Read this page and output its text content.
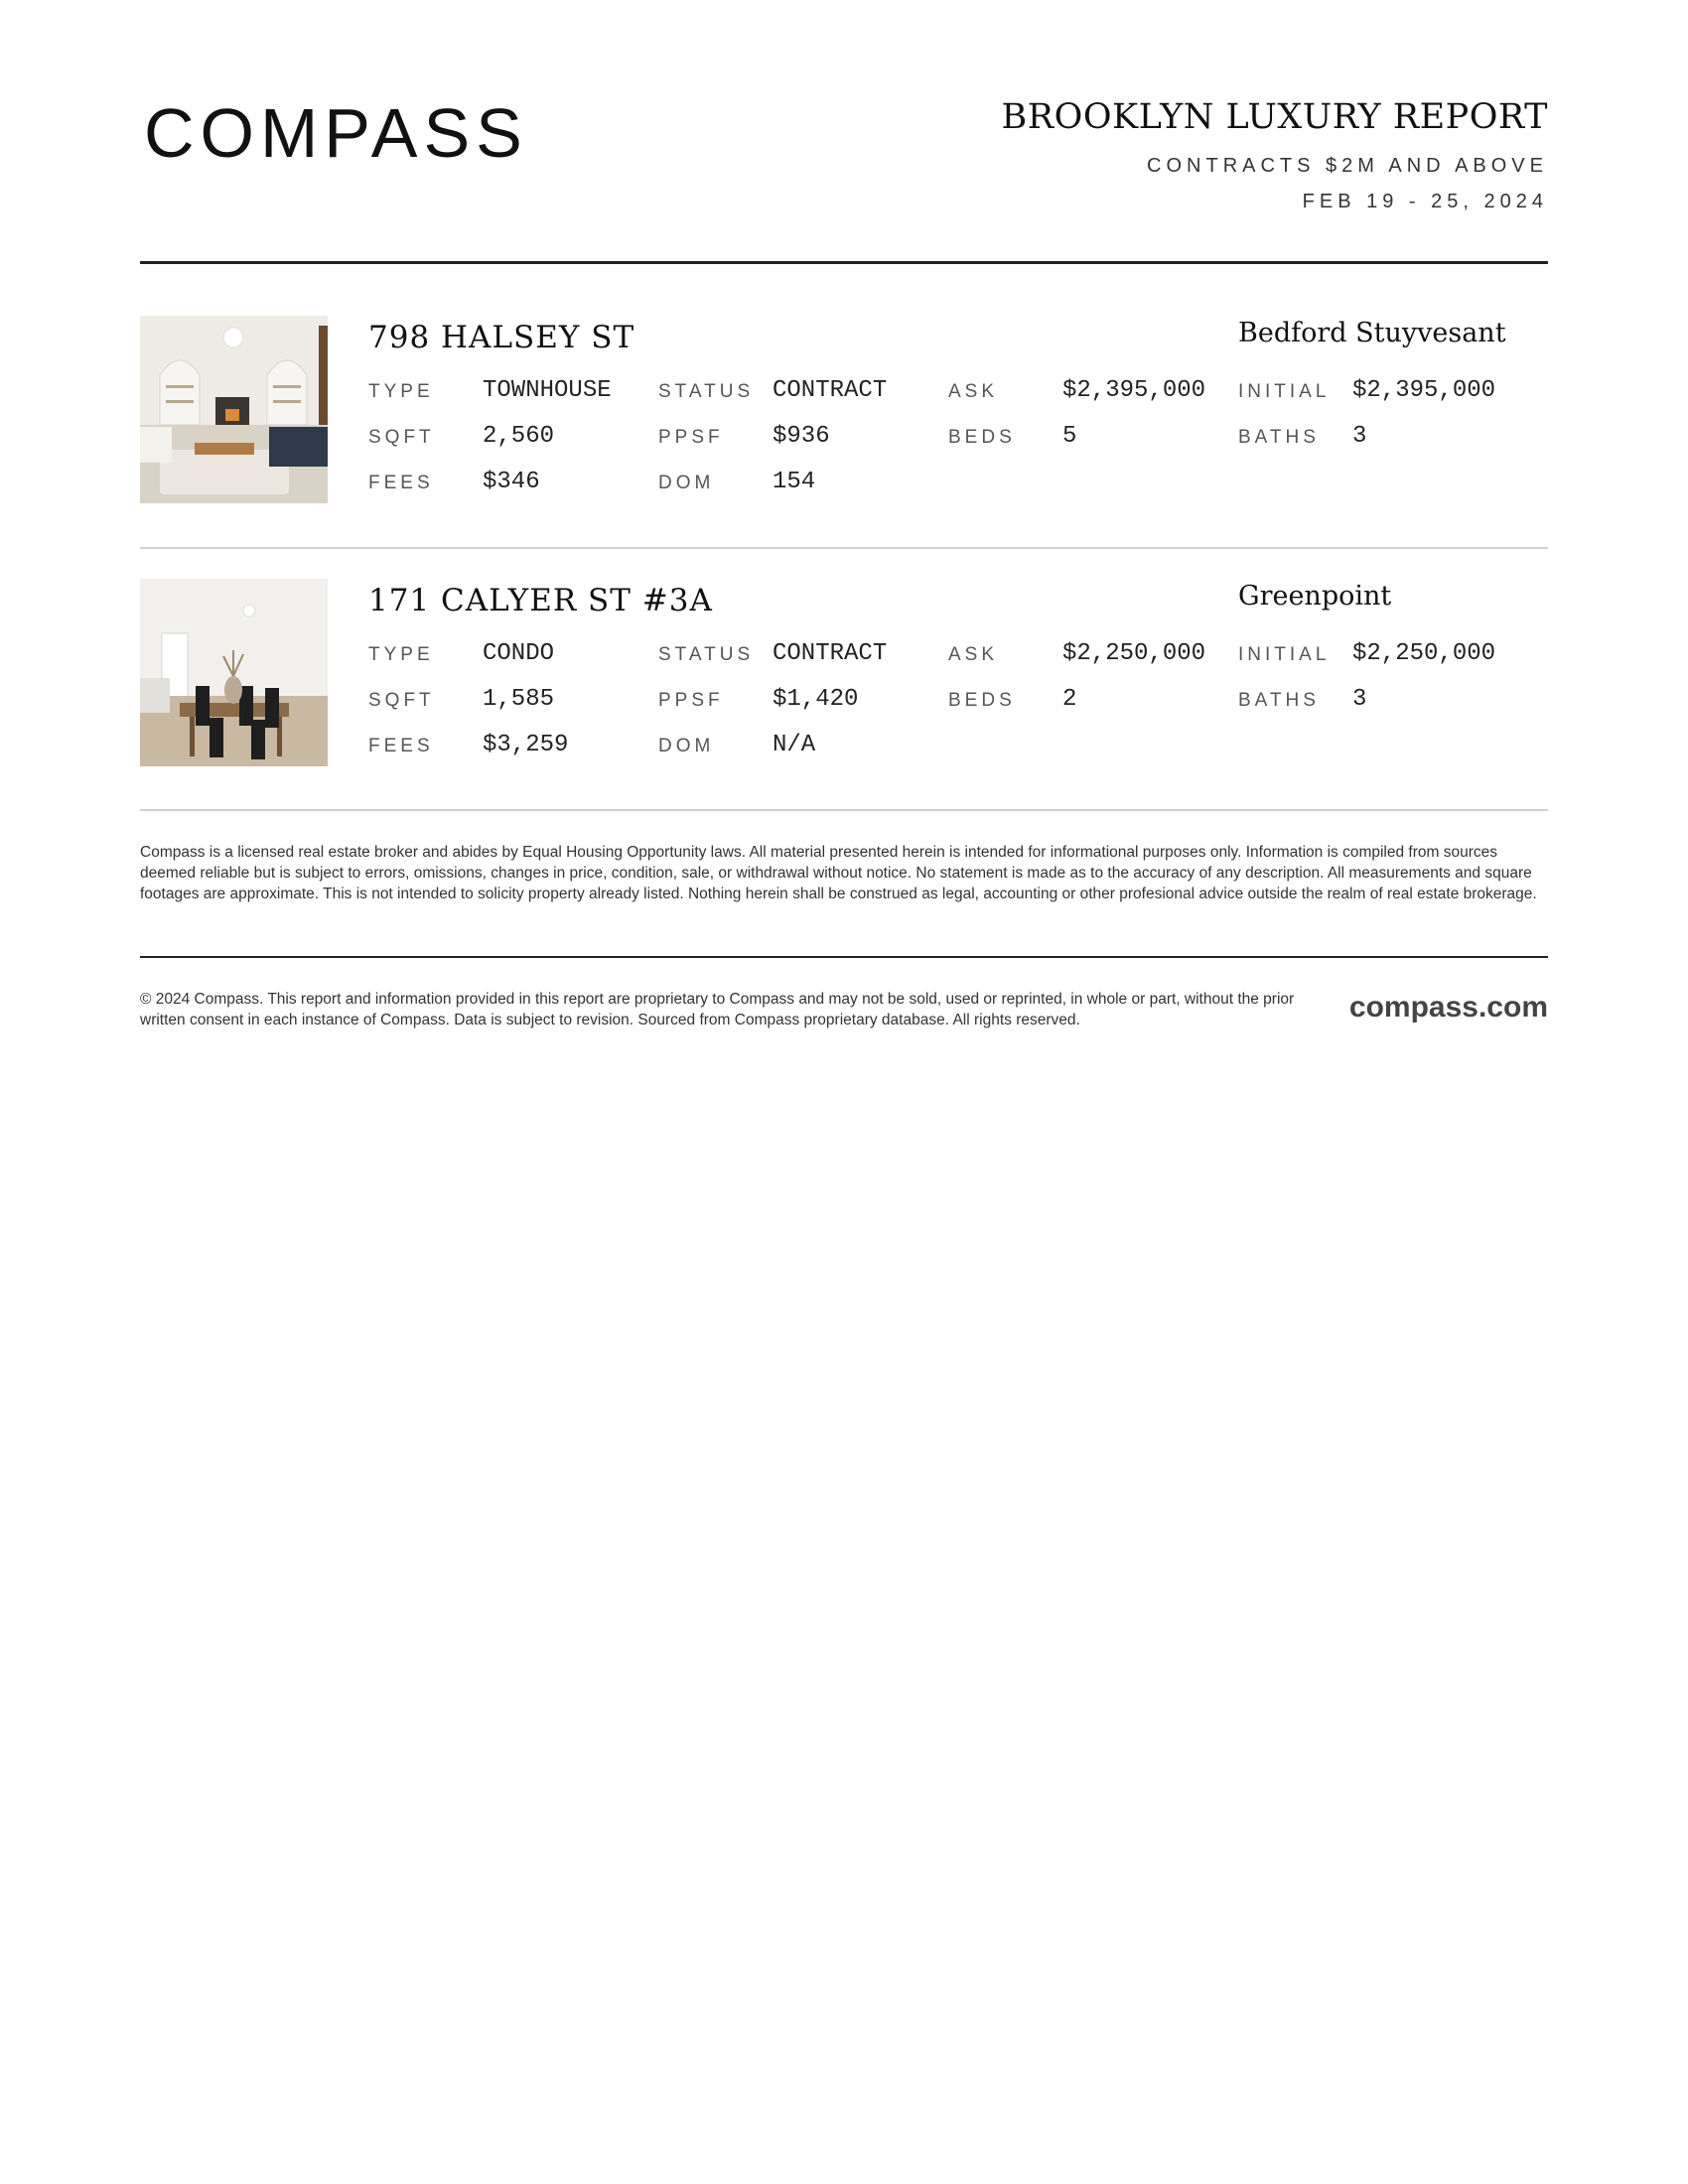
COMPASS	BROOKLYN LUXURY REPORT
CONTRACTS $2M AND ABOVE
FEB 19 - 25, 2024
798 HALSEY ST	Bedford Stuyvesant
TYPE TOWNHOUSE STATUS CONTRACT	ASK	$2,395,000 INITIAL $2,395,000
SQFT 2,560	PPSF $936	BEDS 5	BATHS 3
FEES $346	DOM 154
171 CALYER ST #3A	Greenpoint
TYPE CONDO	STATUS CONTRACT	ASK	$2,250,000 INITIAL $2,250,000
SQFT 1,585	PPSF $1,420	BEDS 2	BATHS 3
FEES $3,259	DOM N/A
Compass is a licensed real estate broker and abides by Equal Housing Opportunity laws. All material presented herein is intended for informational purposes only. Information is compiled from sources deemed reliable but is subject to errors, omissions, changes in price, condition, sale, or withdrawal without notice. No statement is made as to the accuracy of any description. All measurements and square footages are approximate. This is not intended to solicity property already listed. Nothing herein shall be construed as legal, accounting or other profesional advice outside the realm of real estate brokerage.
© 2024 Compass. This report and information provided in this report are proprietary to Compass and may not be sold, used or reprinted, in whole or part, without the prior written consent in each instance of Compass. Data is subject to revision. Sourced from Compass proprietary database. All rights reserved.	compass.com
